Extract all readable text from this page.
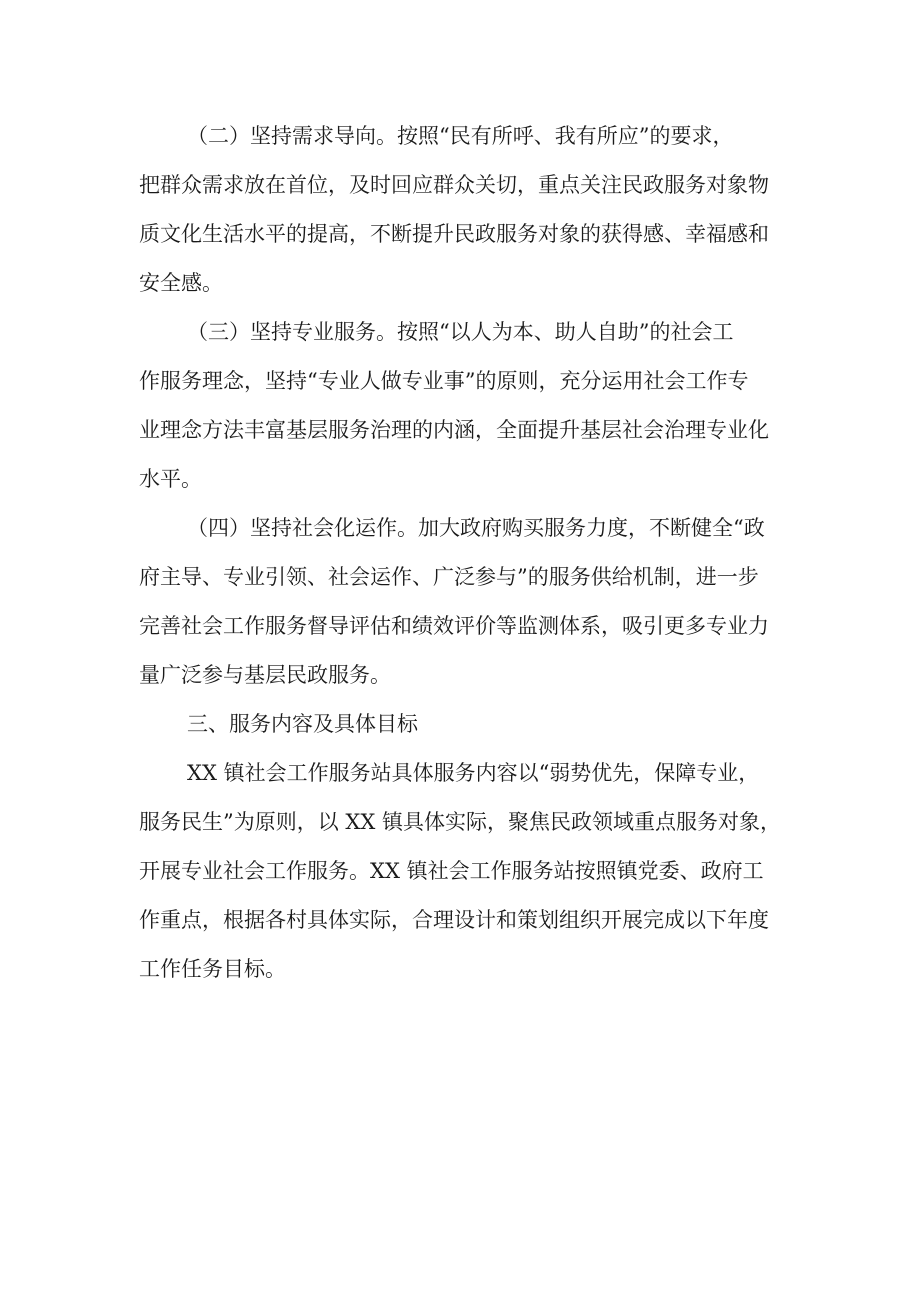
（二）坚持需求导向。按照“民有所呼、我有所应”的要求，
把群众需求放在首位，及时回应群众关切，重点关注民政服务对象物
质文化生活水平的提高，不断提升民政服务对象的获得感、幸福感和
安全感。
（三）坚持专业服务。按照“以人为本、助人自助”的社会工
作服务理念，坚持“专业人做专业事”的原则，充分运用社会工作专
业理念方法丰富基层服务治理的内涵，全面提升基层社会治理专业化
水平。
（四）坚持社会化运作。加大政府购买服务力度，不断健全“政
府主导、专业引领、社会运作、广泛参与”的服务供给机制，进一步
完善社会工作服务督导评估和绩效评价等监测体系，吸引更多专业力
量广泛参与基层民政服务。
三、服务内容及具体目标
XX 镇社会工作服务站具体服务内容以“弱势优先，保障专业，
服务民生”为原则，以 XX 镇具体实际，聚焦民政领域重点服务对象，
开展专业社会工作服务。XX 镇社会工作服务站按照镇党委、政府工
作重点，根据各村具体实际，合理设计和策划组织开展完成以下年度
工作任务目标。
